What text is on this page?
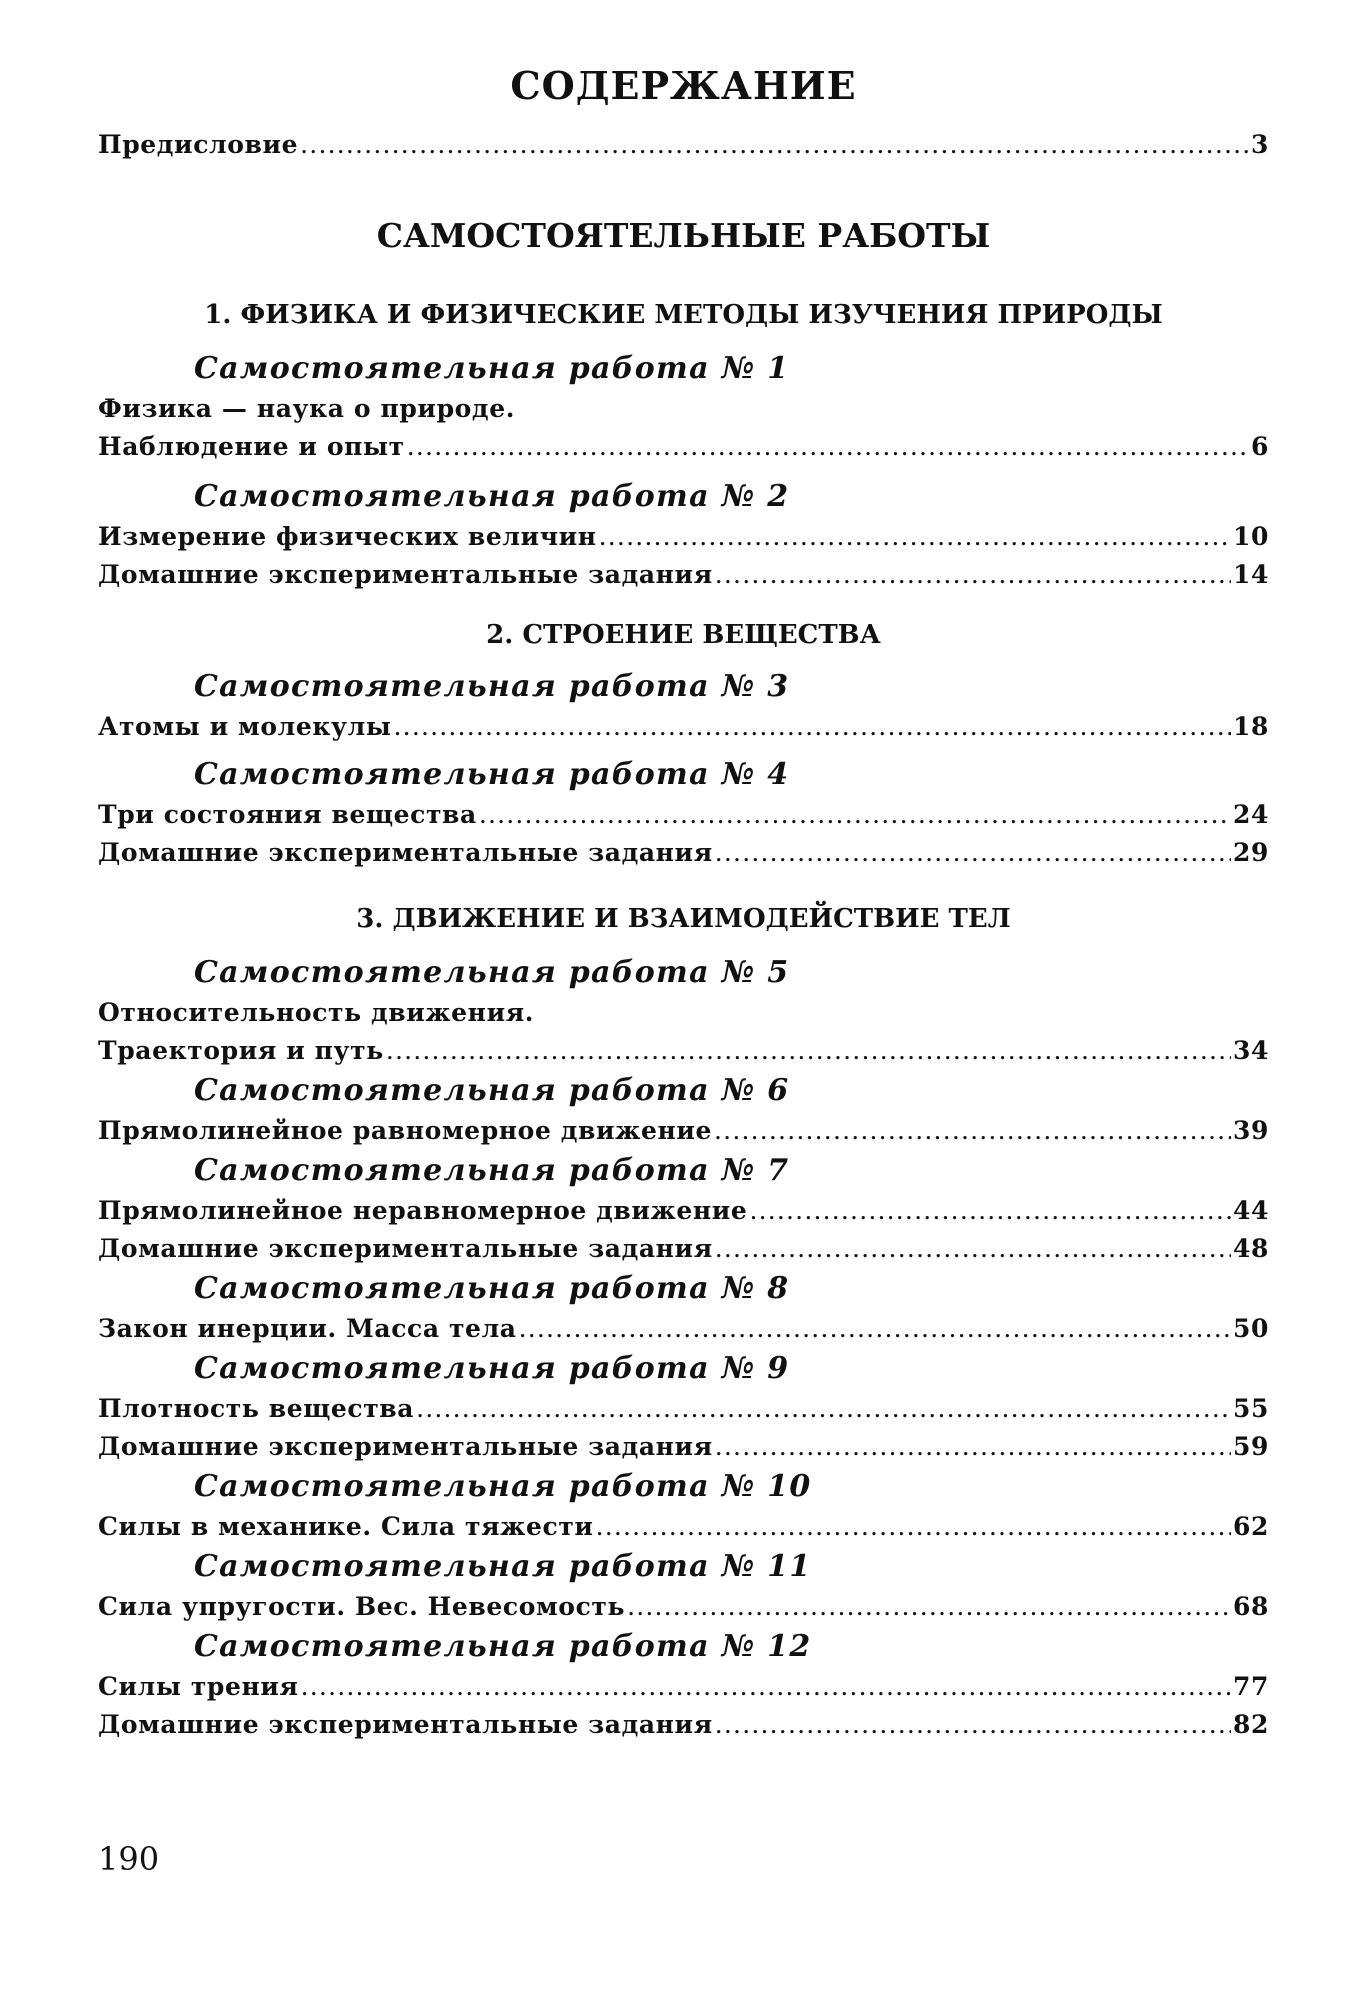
СОДЕРЖАНИЕ
Предисловие .....	3
САМОСТОЯТЕЛЬНЫЕ РАБОТЫ
1. ФИЗИКА И ФИЗИЧЕСКИЕ МЕТОДЫ ИЗУЧЕНИЯ ПРИРОДЫ
Самостоятельная работа № 1
Физика — наука о природе.
Наблюдение и опыт .....	6
Самостоятельная работа № 2
Измерение физических величин .....	10
Домашние экспериментальные задания .....	14
2. СТРОЕНИЕ ВЕЩЕСТВА
Самостоятельная работа № 3
Атомы и молекулы .....	18
Самостоятельная работа № 4
Три состояния вещества .....	24
Домашние экспериментальные задания .....	29
3. ДВИЖЕНИЕ И ВЗАИМОДЕЙСТВИЕ ТЕЛ
Самостоятельная работа № 5
Относительность движения.
Траектория и путь .....	34
Самостоятельная работа № 6
Прямолинейное равномерное движение .....	39
Самостоятельная работа № 7
Прямолинейное неравномерное движение .....	44
Домашние экспериментальные задания .....	48
Самостоятельная работа № 8
Закон инерции. Масса тела .....	50
Самостоятельная работа № 9
Плотность вещества .....	55
Домашние экспериментальные задания .....	59
Самостоятельная работа № 10
Силы в механике. Сила тяжести .....	62
Самостоятельная работа № 11
Сила упругости. Вес. Невесомость .....	68
Самостоятельная работа № 12
Силы трения .....	77
Домашние экспериментальные задания .....	82
190
